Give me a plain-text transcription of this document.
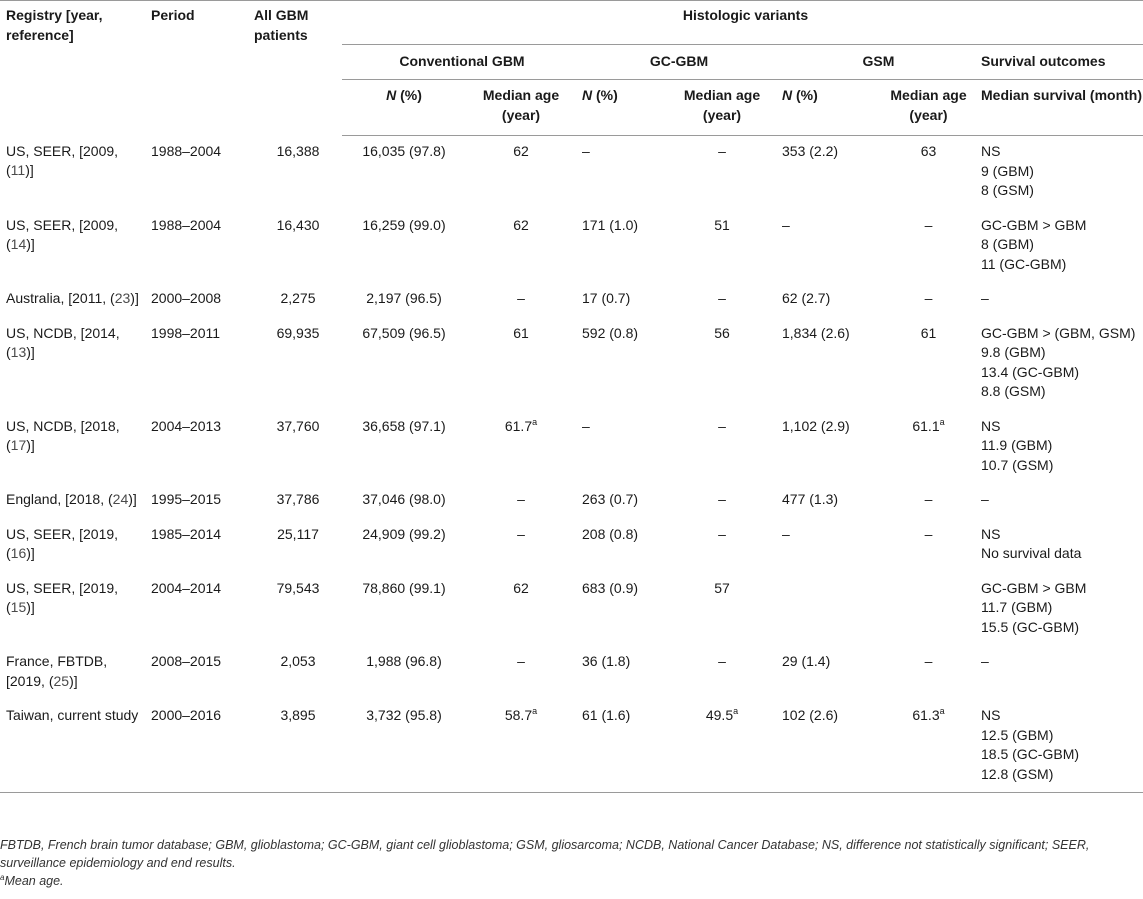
Registry [year, reference]	Period	All GBM patients	Histologic variants						
			Conventional GBM		GC-GBM		GSM		Survival outcomes
			N (%)	Median age (year)	N (%)	Median age (year)	N (%)	Median age (year)	Median survival (month)
US, SEER, [2009, (11)]	1988–2004	16,388	16,035 (97.8)	62	–	–	353 (2.2)	63	NS
9 (GBM)
8 (GSM)

US, SEER, [2009, (14)]	1988–2004	16,430	16,259 (99.0)	62	171 (1.0)	51	–	–	GC-GBM > GBM
8 (GBM)
11 (GC-GBM)

Australia, [2011, (23)]	2000–2008	2,275	2,197 (96.5)	–	17 (0.7)	–	62 (2.7)	–	–

US, NCDB, [2014, (13)]	1998–2011	69,935	67,509 (96.5)	61	592 (0.8)	56	1,834 (2.6)	61	GC-GBM > (GBM, GSM)
9.8 (GBM)
13.4 (GC-GBM)
8.8 (GSM)

US, NCDB, [2018, (17)]	2004–2013	37,760	36,658 (97.1)	61.7$^a$	–	–	1,102 (2.9)	61.1$^a$	NS
11.9 (GBM)
10.7 (GSM)

England, [2018, (24)]	1995–2015	37,786	37,046 (98.0)	–	263 (0.7)	–	477 (1.3)	–	–

US, SEER, [2019, (16)]	1985–2014	25,117	24,909 (99.2)	–	208 (0.8)	–	–	–	NS
No survival data

US, SEER, [2019, (15)]	2004–2014	79,543	78,860 (99.1)	62	683 (0.9)	57			GC-GBM > GBM
11.7 (GBM)
15.5 (GC-GBM)

France, FBTDB, [2019, (25)]	2008–2015	2,053	1,988 (96.8)	–	36 (1.8)	–	29 (1.4)	–	–

Taiwan, current study	2000–2016	3,895	3,732 (95.8)	58.7$^a$	61 (1.6)	49.5$^a$	102 (2.6)	61.3$^a$	NS
12.5 (GBM)
18.5 (GC-GBM)
12.8 (GSM)
FBTDB, French brain tumor database; GBM, glioblastoma; GC-GBM, giant cell glioblastoma; GSM, gliosarcoma; NCDB, National Cancer Database; NS, difference not statistically significant; SEER, surveillance epidemiology and end results.
$^a$Mean age.
